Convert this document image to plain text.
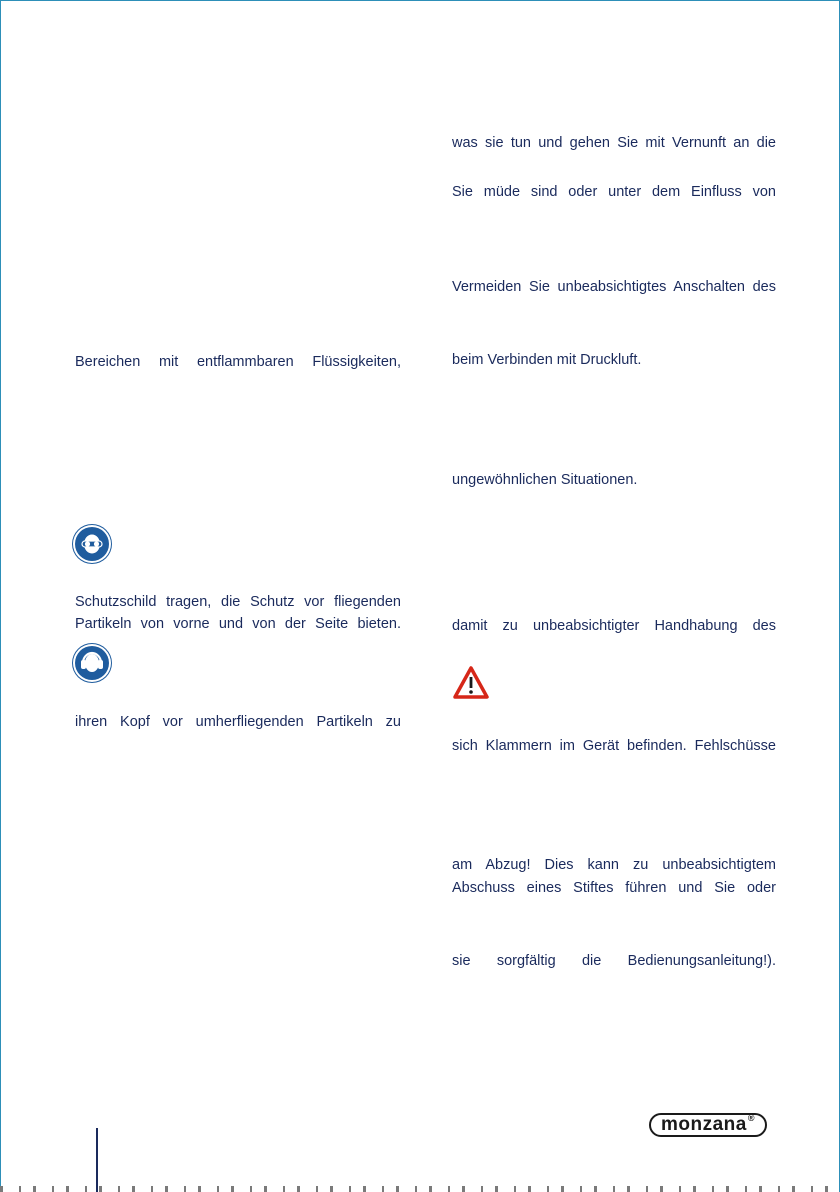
Bereichen mit entflammbaren Flüssigkeiten,
Schutzschild tragen, die Schutz vor fliegenden
Partikeln von vorne und von der Seite bieten.
ihren Kopf vor umherfliegenden Partikeln zu
was sie tun und gehen Sie mit Vernunft an die
Sie müde sind oder unter dem Einfluss von
Vermeiden Sie unbeabsichtigtes Anschalten des
beim Verbinden mit Druckluft.
ungewöhnlichen Situationen.
damit zu unbeabsichtigter Handhabung des
sich Klammern im Gerät befinden. Fehlschüsse
am Abzug! Dies kann zu unbeabsichtigtem
Abschuss eines Stiftes führen und Sie oder
sie sorgfältig die Bedienungsanleitung!).
monzana ®
